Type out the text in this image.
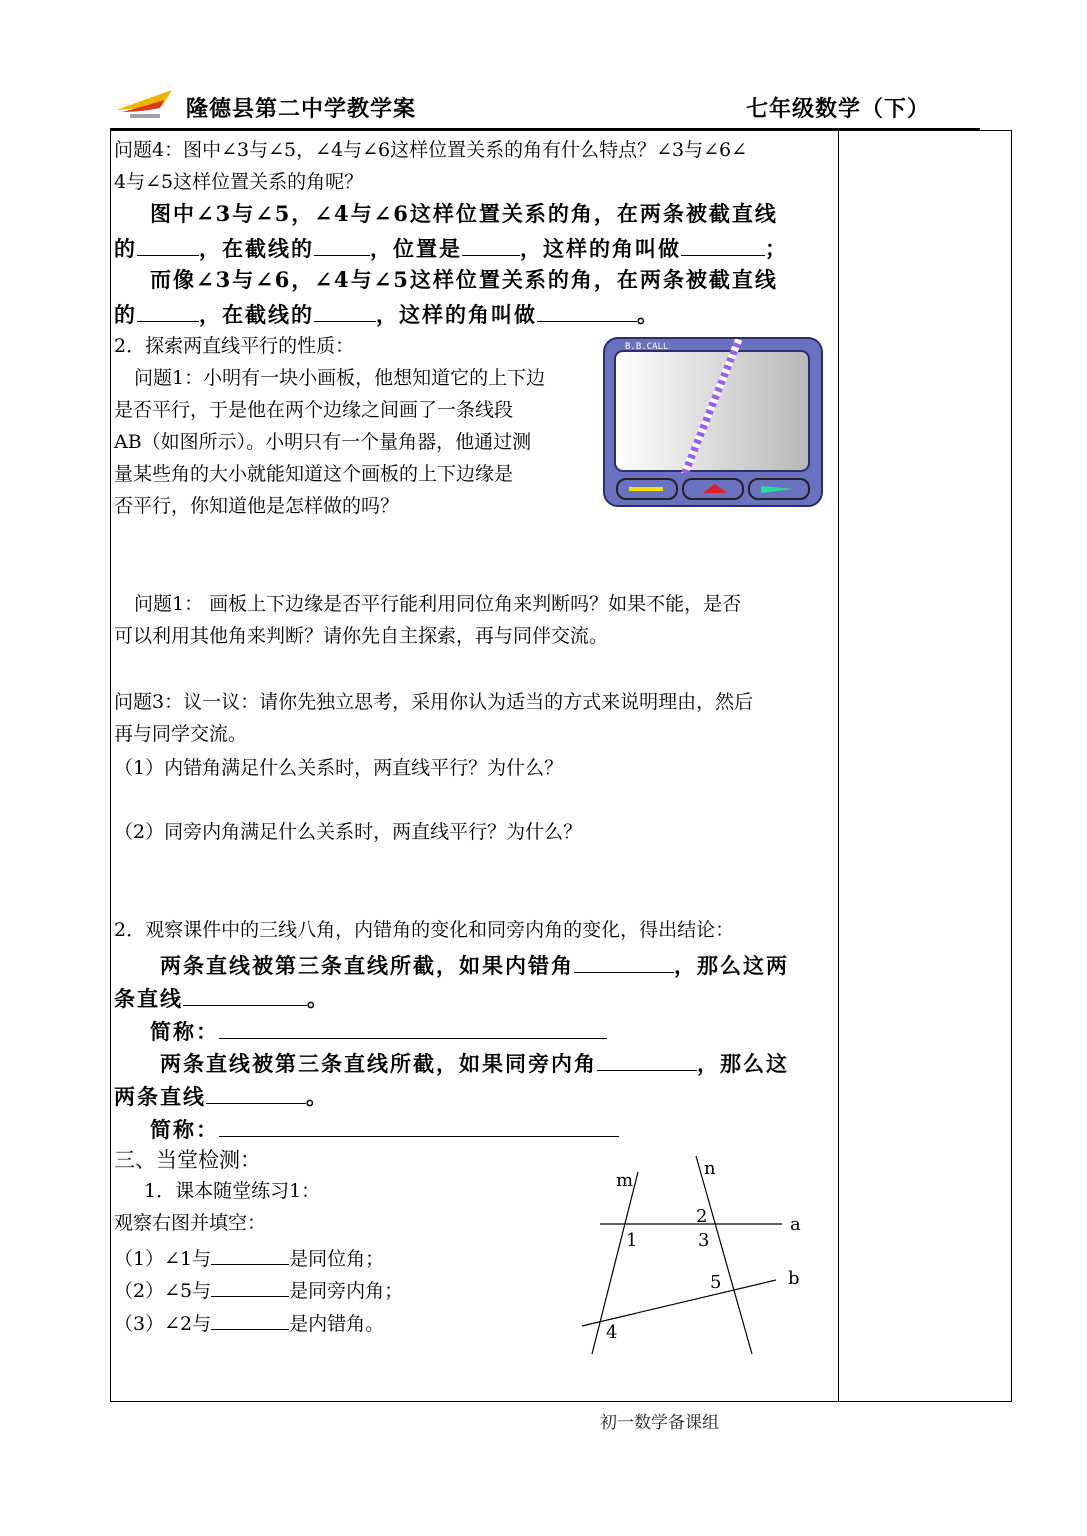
隆德县第二中学教学案	七年级数学（下）
问题4：图中∠3与∠5，∠4与∠6这样位置关系的角有什么特点？∠3与∠6∠
4与∠5这样位置关系的角呢？
图中∠3与∠5，∠4与∠6这样位置关系的角，在两条被截直线
的	，在截线的	，位置是	，这样的角叫做	；
而像∠3与∠6，∠4与∠5这样位置关系的角，在两条被截直线
的	，在截线的	，这样的角叫做	。
2．探索两直线平行的性质：
问题1：小明有一块小画板，他想知道它的上下边
是否平行，于是他在两个边缘之间画了一条线段
AB（如图所示）。小明只有一个量角器，他通过测
量某些角的大小就能知道这个画板的上下边缘是
否平行，你知道他是怎样做的吗？
B.B.CALL
问题1： 画板上下边缘是否平行能利用同位角来判断吗？如果不能，是否
可以利用其他角来判断？请你先自主探索，再与同伴交流。
问题3：议一议：请你先独立思考，采用你认为适当的方式来说明理由，然后
再与同学交流。
（1）内错角满足什么关系时，两直线平行？为什么？
（2）同旁内角满足什么关系时，两直线平行？为什么？
2．观察课件中的三线八角，内错角的变化和同旁内角的变化，得出结论：
两条直线被第三条直线所截，如果内错角	，那么这两
条直线	。
简称：
两条直线被第三条直线所截，如果同旁内角	，那么这
两条直线	。
简称：
三、当堂检测：
1．课本随堂练习1：
观察右图并填空：
（1）∠1与	是同位角；
（2）∠5与	是同旁内角；
（3）∠2与	是内错角。
m
n
a
b
2
1	3
5
4
初一数学备课组
